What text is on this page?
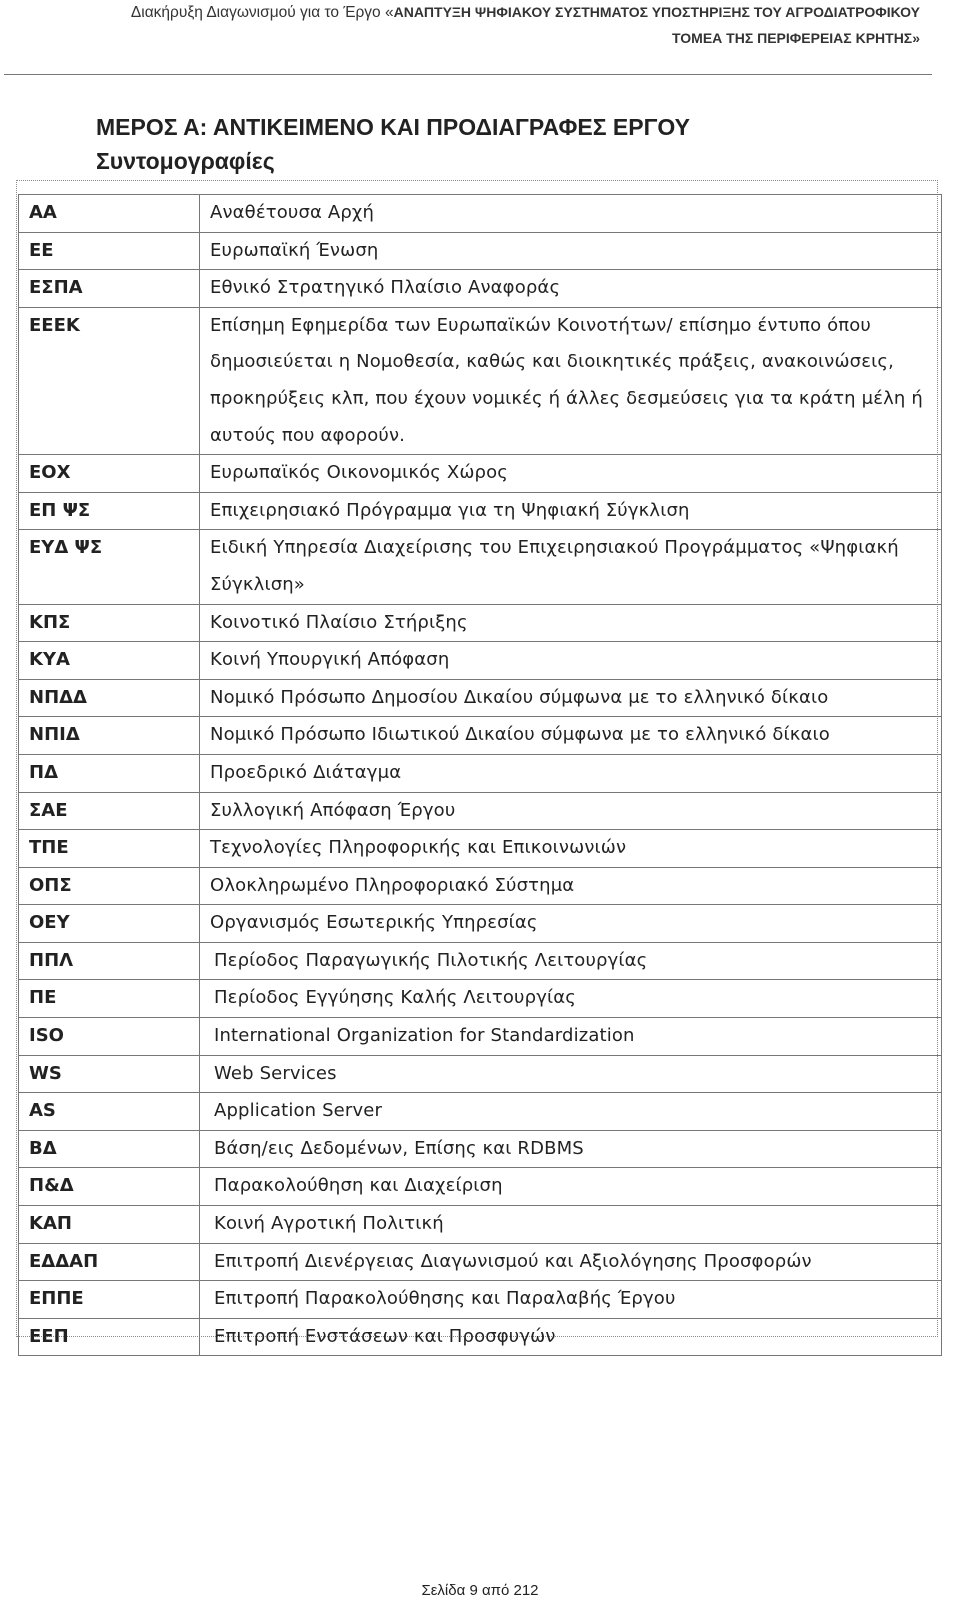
Διακήρυξη Διαγωνισμού για το Έργο «ΑΝΑΠΤΥΞΗ ΨΗΦΙΑΚΟΥ ΣΥΣΤΗΜΑΤΟΣ ΥΠΟΣΤΗΡΙΞΗΣ ΤΟΥ ΑΓΡΟΔΙΑΤΡΟΦΙΚΟΥ
ΤΟΜΕΑ ΤΗΣ ΠΕΡΙΦΕΡΕΙΑΣ ΚΡΗΤΗΣ»
ΜΕΡΟΣ Α: ΑΝΤΙΚΕΙΜΕΝΟ ΚΑΙ ΠΡΟΔΙΑΓΡΑΦΕΣ ΕΡΓΟΥ
Συντομογραφίες
ΑΑ	Αναθέτουσα Αρχή
ΕΕ	Ευρωπαϊκή Ένωση
ΕΣΠΑ	Εθνικό Στρατηγικό Πλαίσιο Αναφοράς
ΕΕΕΚ	Επίσημη Εφημερίδα των Ευρωπαϊκών Κοινοτήτων/ επίσημο έντυπο όπου δημοσιεύεται η Νομοθεσία, καθώς και διοικητικές πράξεις, ανακοινώσεις, προκηρύξεις κλπ, που έχουν νομικές ή άλλες δεσμεύσεις για τα κράτη μέλη ή αυτούς που αφορούν.
ΕΟΧ	Ευρωπαϊκός Οικονομικός Χώρος
ΕΠ ΨΣ	Επιχειρησιακό Πρόγραμμα για τη Ψηφιακή Σύγκλιση
ΕΥΔ ΨΣ	Ειδική Υπηρεσία Διαχείρισης του Επιχειρησιακού Προγράμματος «Ψηφιακή Σύγκλιση»
ΚΠΣ	Κοινοτικό Πλαίσιο Στήριξης
ΚΥΑ	Κοινή Υπουργική Απόφαση
ΝΠΔΔ	Νομικό Πρόσωπο Δημοσίου Δικαίου σύμφωνα με το ελληνικό δίκαιο
ΝΠΙΔ	Νομικό Πρόσωπο Ιδιωτικού Δικαίου σύμφωνα με το ελληνικό δίκαιο
ΠΔ	Προεδρικό Διάταγμα
ΣΑΕ	Συλλογική Απόφαση Έργου
ΤΠΕ	Τεχνολογίες Πληροφορικής και Επικοινωνιών
ΟΠΣ	Ολοκληρωμένο Πληροφοριακό Σύστημα
ΟΕΥ	Οργανισμός Εσωτερικής Υπηρεσίας
ΠΠΛ	Περίοδος Παραγωγικής Πιλοτικής Λειτουργίας
ΠΕ	Περίοδος Εγγύησης Καλής Λειτουργίας
ISO	International Organization for Standardization
WS	Web Services
AS	Application Server
ΒΔ	Βάση/εις Δεδομένων, Επίσης και RDBMS
Π&Δ	Παρακολούθηση και Διαχείριση
ΚΑΠ	Κοινή Αγροτική Πολιτική
ΕΔΔΑΠ	Επιτροπή Διενέργειας Διαγωνισμού και Αξιολόγησης Προσφορών
ΕΠΠΕ	Επιτροπή Παρακολούθησης και Παραλαβής Έργου
ΕΕΠ	Επιτροπή Ενστάσεων και Προσφυγών
Σελίδα 9 από 212
